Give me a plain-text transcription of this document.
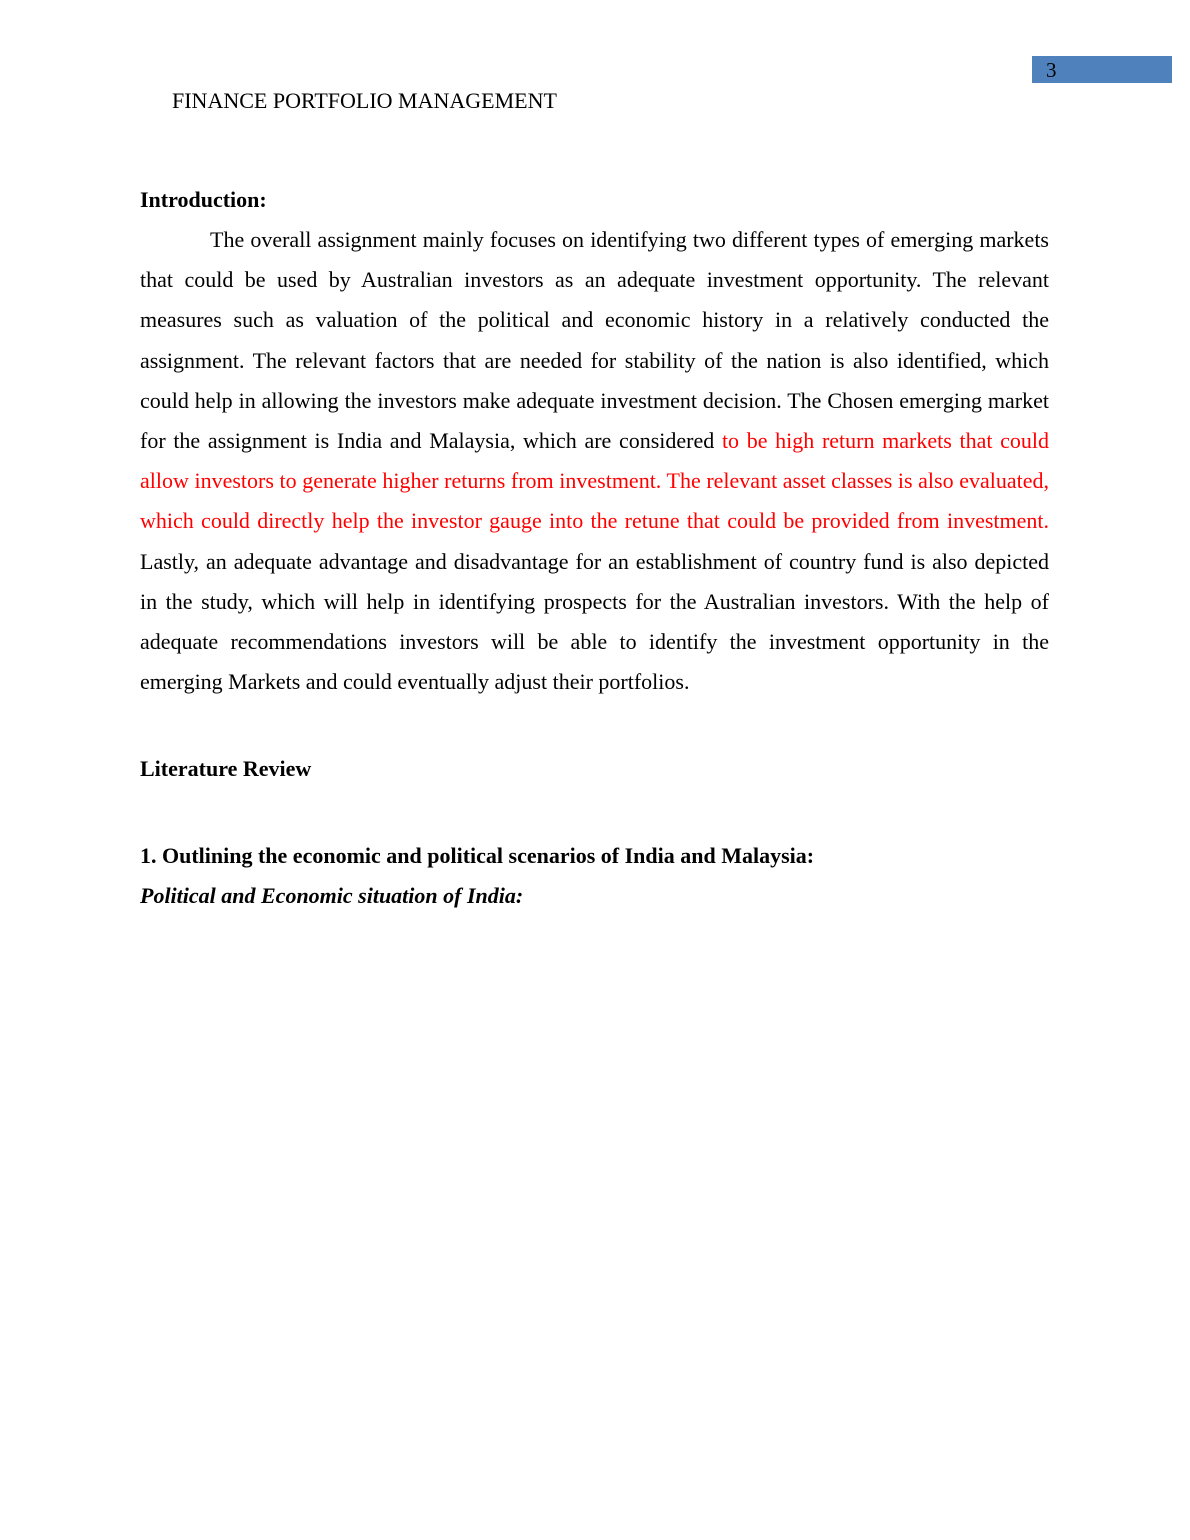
3
FINANCE PORTFOLIO MANAGEMENT

Introduction:

The overall assignment mainly focuses on identifying two different types of emerging markets that could be used by Australian investors as an adequate investment opportunity. The relevant measures such as valuation of the political and economic history in a relatively conducted the assignment. The relevant factors that are needed for stability of the nation is also identified, which could help in allowing the investors make adequate investment decision. The Chosen emerging market for the assignment is India and Malaysia, which are considered to be high return markets that could allow investors to generate higher returns from investment. The relevant asset classes is also evaluated, which could directly help the investor gauge into the retune that could be provided from investment. Lastly, an adequate advantage and disadvantage for an establishment of country fund is also depicted in the study, which will help in identifying prospects for the Australian investors. With the help of adequate recommendations investors will be able to identify the investment opportunity in the emerging Markets and could eventually adjust their portfolios.

Literature Review

1. Outlining the economic and political scenarios of India and Malaysia:

Political and Economic situation of India:
